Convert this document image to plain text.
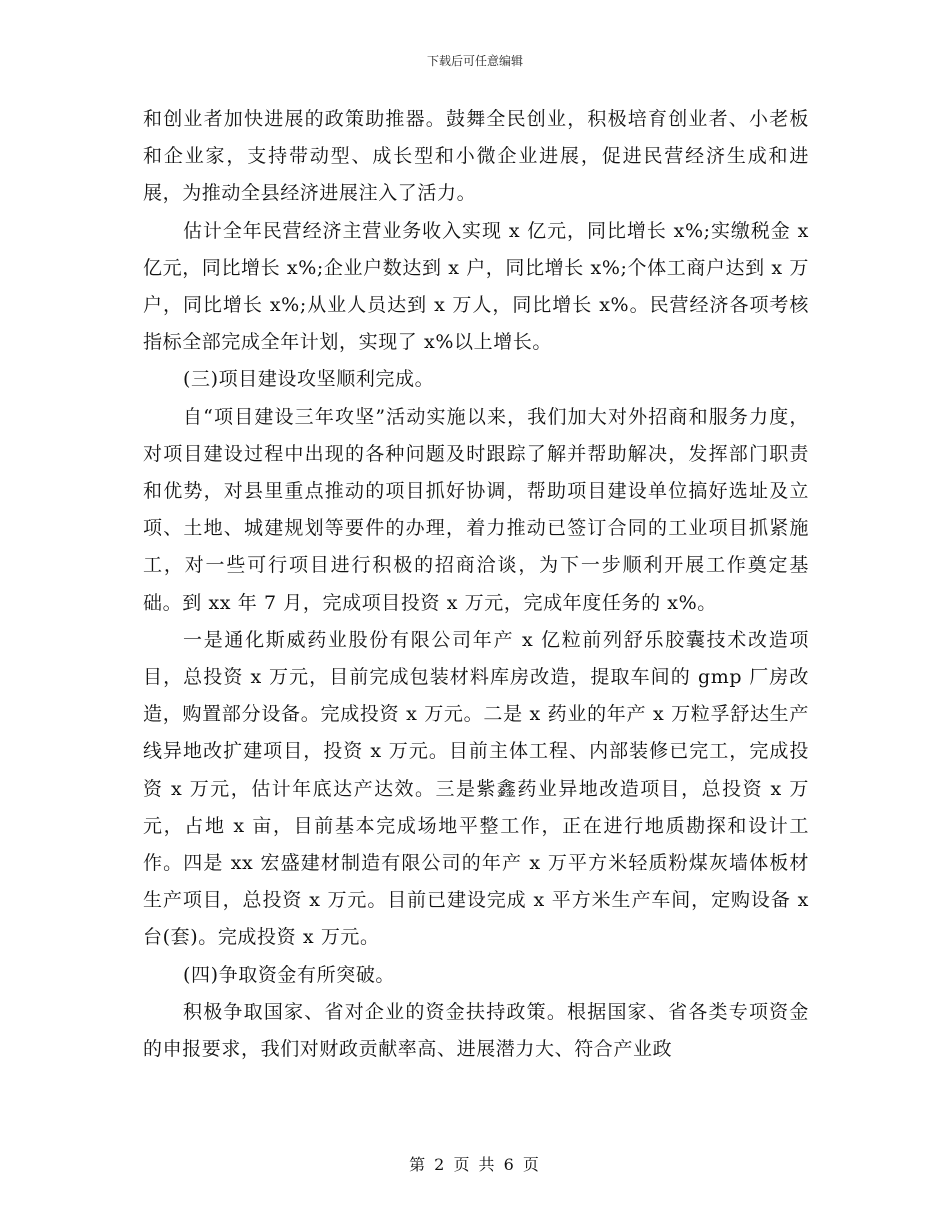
下载后可任意编辑

和创业者加快进展的政策助推器。鼓舞全民创业，积极培育创业者、小老板和企业家，支持带动型、成长型和小微企业进展，促进民营经济生成和进展，为推动全县经济进展注入了活力。

估计全年民营经济主营业务收入实现 x 亿元，同比增长 x%;实缴税金 x 亿元，同比增长 x%;企业户数达到 x 户，同比增长 x%;个体工商户达到 x 万户，同比增长 x%;从业人员达到 x 万人，同比增长 x%。民营经济各项考核指标全部完成全年计划，实现了 x%以上增长。

(三)项目建设攻坚顺利完成。

自“项目建设三年攻坚”活动实施以来，我们加大对外招商和服务力度，对项目建设过程中出现的各种问题及时跟踪了解并帮助解决，发挥部门职责和优势，对县里重点推动的项目抓好协调，帮助项目建设单位搞好选址及立项、土地、城建规划等要件的办理，着力推动已签订合同的工业项目抓紧施工，对一些可行项目进行积极的招商洽谈，为下一步顺利开展工作奠定基础。到 xx 年 7 月，完成项目投资 x 万元，完成年度任务的 x%。

一是通化斯威药业股份有限公司年产 x 亿粒前列舒乐胶囊技术改造项目，总投资 x 万元，目前完成包装材料库房改造，提取车间的 gmp 厂房改造，购置部分设备。完成投资 x 万元。二是 x 药业的年产 x 万粒孚舒达生产线异地改扩建项目，投资 x 万元。目前主体工程、内部装修已完工，完成投资 x 万元，估计年底达产达效。三是紫鑫药业异地改造项目，总投资 x 万元，占地 x 亩，目前基本完成场地平整工作，正在进行地质勘探和设计工作。四是 xx 宏盛建材制造有限公司的年产 x 万平方米轻质粉煤灰墙体板材生产项目，总投资 x 万元。目前已建设完成 x 平方米生产车间，定购设备 x 台(套)。完成投资 x 万元。

(四)争取资金有所突破。

积极争取国家、省对企业的资金扶持政策。根据国家、省各类专项资金的申报要求，我们对财政贡献率高、进展潜力大、符合产业政

第 2 页 共 6 页
